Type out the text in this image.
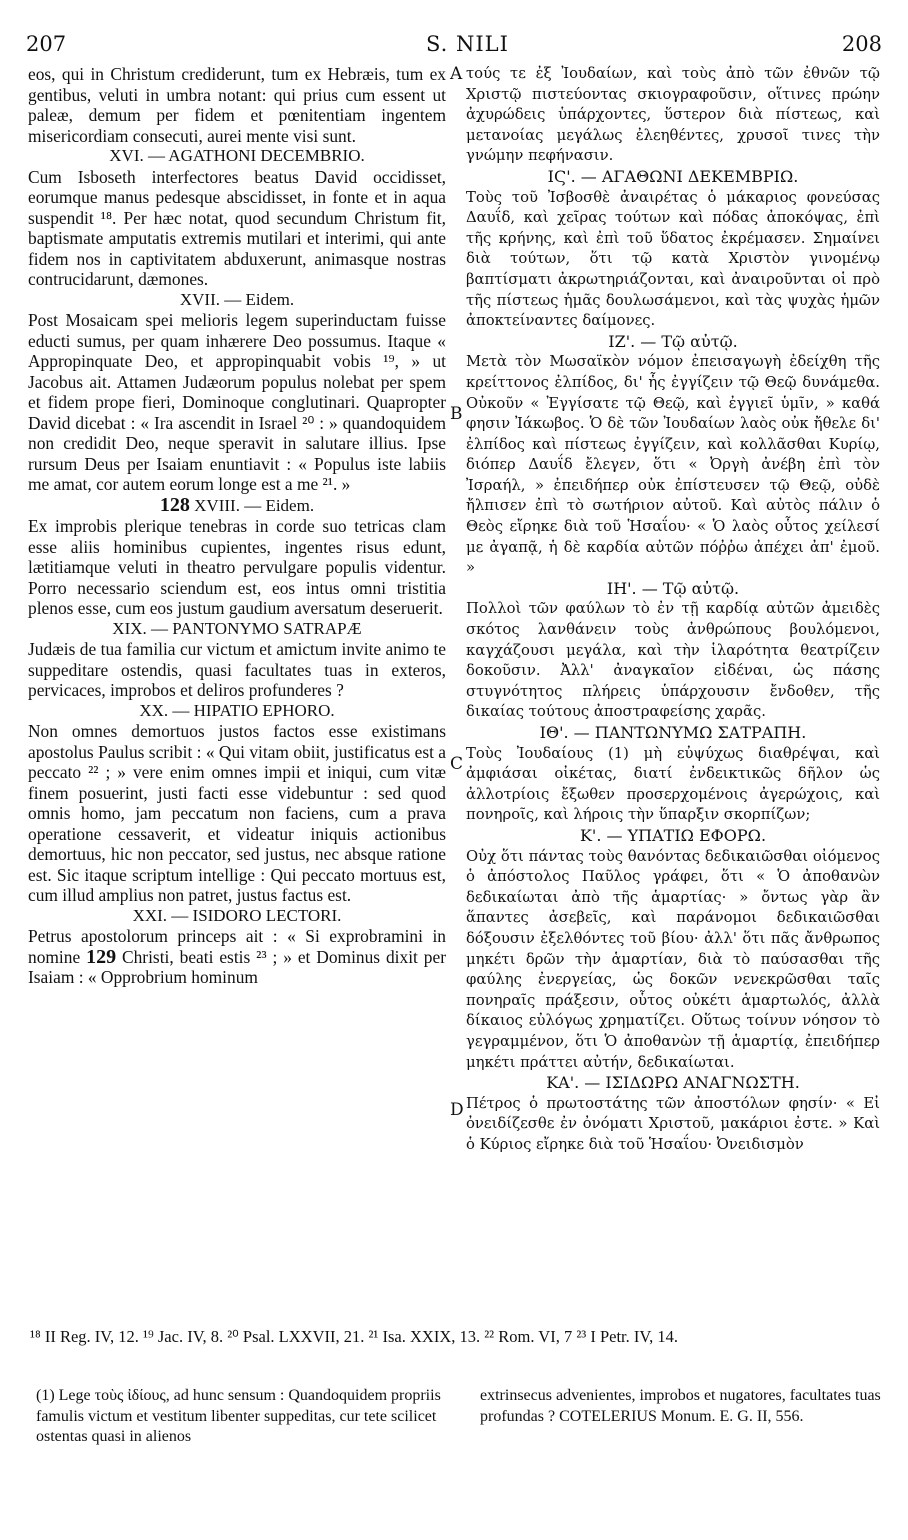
207	S. NILI	208

eos, qui in Christum crediderunt, tum ex Hebræis, tum ex gentibus, veluti in umbra notant: qui prius cum essent ut paleæ, demum per fidem et pœnitentiam ingentem misericordiam consecuti, aurei mente visi sunt.

XVI. — AGATHONI DECEMBRIO.

Cum Isboseth interfectores beatus David occidisset, eorumque manus pedesque abscidisset, in fonte et in aqua suspendit ¹⁸. Per hæc notat, quod secundum Christum fit, baptismate amputatis extremis mutilari et interimi, qui ante fidem nos in captivitatem abduxerunt, animasque nostras contrucidarunt, dæmones.

XVII. — Eidem.

Post Mosaicam spei melioris legem superinductam fuisse educti sumus, per quam inhærere Deo possumus. Itaque « Appropinquate Deo, et appropinquabit vobis ¹⁹, » ut Jacobus ait. Attamen Judæorum populus nolebat per spem et fidem prope fieri, Dominoque conglutinari. Quapropter David dicebat : « Ira ascendit in Israel ²⁰ : » quandoquidem non credidit Deo, neque speravit in salutare illius. Ipse rursum Deus per Isaiam enuntiavit : « Populus iste labiis me amat, cor autem eorum longe est a me ²¹. »

128 XVIII. — Eidem.

Ex improbis plerique tenebras in corde suo tetricas clam esse aliis hominibus cupientes, ingentes risus edunt, lætitiamque veluti in theatro pervulgare populis videntur. Porro necessario sciendum est, eos intus omni tristitia plenos esse, cum eos justum gaudium aversatum deseruerit.

XIX. — PANTONYMO SATRAPÆ

Judæis de tua familia cur victum et amictum invite animo te suppeditare ostendis, quasi facultates tuas in exteros, pervicaces, improbos et deliros profunderes ?

XX. — HIPATIO EPHORO.

Non omnes demortuos justos factos esse existimans apostolus Paulus scribit : « Qui vitam obiit, justificatus est a peccato ²² ; » vere enim omnes impii et iniqui, cum vitæ finem posuerint, justi facti esse videbuntur : sed quod omnis homo, jam peccatum non faciens, cum a prava operatione cessaverit, et videatur iniquis actionibus demortuus, hic non peccator, sed justus, nec absque ratione est. Sic itaque scriptum intellige : Qui peccato mortuus est, cum illud amplius non patret, justus factus est.

XXI. — ISIDORO LECTORI.

Petrus apostolorum princeps ait : « Si exprobramini in nomine 129 Christi, beati estis ²³ ; » et Dominus dixit per Isaiam : « Opprobrium hominum

A
B
C
D

τούς τε ἐξ Ἰουδαίων, καὶ τοὺς ἀπὸ τῶν ἐθνῶν τῷ Χριστῷ πιστεύοντας σκιογραφοῦσιν, οἵτινες πρώην ἀχυρώδεις ὑπάρχοντες, ὕστερον διὰ πίστεως, καὶ μετανοίας μεγάλως ἐλεηθέντες, χρυσοῖ τινες τὴν γνώμην πεφήνασιν.

ΙϚ'. — ΑΓΑΘΩΝΙ ΔΕΚΕΜΒΡΙΩ.

Τοὺς τοῦ Ἰσβοσθὲ ἀναιρέτας ὁ μάκαριος φονεύσας Δαυΐδ, καὶ χεῖρας τούτων καὶ πόδας ἀποκόψας, ἐπὶ τῆς κρήνης, καὶ ἐπὶ τοῦ ὕδατος ἐκρέμασεν. Σημαίνει διὰ τούτων, ὅτι τῷ κατὰ Χριστὸν γινομένῳ βαπτίσματι ἀκρωτηριάζονται, καὶ ἀναιροῦνται οἱ πρὸ τῆς πίστεως ἡμᾶς δουλωσάμενοι, καὶ τὰς ψυχὰς ἡμῶν ἀποκτείναντες δαίμονες.

ΙΖ'. — Τῷ αὐτῷ.

Μετὰ τὸν Μωσαϊκὸν νόμον ἐπεισαγωγὴ ἐδείχθη τῆς κρείττονος ἐλπίδος, δι' ἧς ἐγγίζειν τῷ Θεῷ δυνάμεθα. Οὐκοῦν « Ἐγγίσατε τῷ Θεῷ, καὶ ἐγγιεῖ ὑμῖν, » καθά φησιν Ἰάκωβος. Ὁ δὲ τῶν Ἰουδαίων λαὸς οὐκ ἤθελε δι' ἐλπίδος καὶ πίστεως ἐγγίζειν, καὶ κολλᾶσθαι Κυρίῳ, διόπερ Δαυΐδ ἔλεγεν, ὅτι « Ὀργὴ ἀνέβη ἐπὶ τὸν Ἰσραήλ, » ἐπειδήπερ οὐκ ἐπίστευσεν τῷ Θεῷ, οὐδὲ ἤλπισεν ἐπὶ τὸ σωτήριον αὐτοῦ. Καὶ αὐτὸς πάλιν ὁ Θεὸς εἴρηκε διὰ τοῦ Ἡσαΐου· « Ὁ λαὸς οὗτος χείλεσί με ἀγαπᾷ, ἡ δὲ καρδία αὐτῶν πόῤῥω ἀπέχει ἀπ' ἐμοῦ. »

ΙΗ'. — Τῷ αὐτῷ.

Πολλοὶ τῶν φαύλων τὸ ἐν τῇ καρδίᾳ αὐτῶν ἀμειδὲς σκότος λανθάνειν τοὺς ἀνθρώπους βουλόμενοι, καγχάζουσι μεγάλα, καὶ τὴν ἱλαρότητα θεατρίζειν δοκοῦσιν. Ἀλλ' ἀναγκαῖον εἰδέναι, ὡς πάσης στυγνότητος πλήρεις ὑπάρχουσιν ἔνδοθεν, τῆς δικαίας τούτους ἀποστραφείσης χαρᾶς.

ΙΘ'. — ΠΑΝΤΩΝΥΜΩ ΣΑΤΡΑΠΗ.

Τοὺς Ἰουδαίους (1) μὴ εὐψύχως διαθρέψαι, καὶ ἀμφιάσαι οἰκέτας, διατί ἐνδεικτικῶς δῆλον ὡς ἀλλοτρίοις ἔξωθεν προσερχομένοις ἀγερώχοις, καὶ πονηροῖς, καὶ λήροις τὴν ὕπαρξιν σκορπίζων;

Κ'. — ΥΠΑΤΙΩ ΕΦΟΡΩ.

Οὐχ ὅτι πάντας τοὺς θανόντας δεδικαιῶσθαι οἰόμενος ὁ ἀπόστολος Παῦλος γράφει, ὅτι « Ὁ ἀποθανὼν δεδικαίωται ἀπὸ τῆς ἁμαρτίας· » ὄντως γὰρ ἂν ἅπαντες ἀσεβεῖς, καὶ παράνομοι δεδικαιῶσθαι δόξουσιν ἐξελθόντες τοῦ βίου· ἀλλ' ὅτι πᾶς ἄνθρωπος μηκέτι δρῶν τὴν ἁμαρτίαν, διὰ τὸ παύσασθαι τῆς φαύλης ἐνεργείας, ὡς δοκῶν νενεκρῶσθαι ταῖς πονηραῖς πράξεσιν, οὗτος οὐκέτι ἁμαρτωλός, ἀλλὰ δίκαιος εὐλόγως χρηματίζει. Οὕτως τοίνυν νόησον τὸ γεγραμμένον, ὅτι Ὁ ἀποθανὼν τῇ ἁμαρτίᾳ, ἐπειδήπερ μηκέτι πράττει αὐτήν, δεδικαίωται.

ΚΑ'. — ΙΣΙΔΩΡΩ ΑΝΑΓΝΩΣΤΗ.

Πέτρος ὁ πρωτοστάτης τῶν ἀποστόλων φησίν· « Εἰ ὀνειδίζεσθε ἐν ὀνόματι Χριστοῦ, μακάριοι ἐστε. » Καὶ ὁ Κύριος εἴρηκε διὰ τοῦ Ἡσαΐου· Ὀνειδισμὸν

¹⁸ II Reg. IV, 12. ¹⁹ Jac. IV, 8. ²⁰ Psal. LXXVII, 21. ²¹ Isa. XXIX, 13. ²² Rom. VI, 7 ²³ I Petr. IV, 14.

(1) Lege τοὺς ἰδίους, ad hunc sensum : Quandoquidem propriis famulis victum et vestitum libenter suppeditas, cur tete scilicet ostentas quasi in alienos

extrinsecus advenientes, improbos et nugatores, facultates tuas profundas ? COTELERIUS Monum. E. G. II, 556.
